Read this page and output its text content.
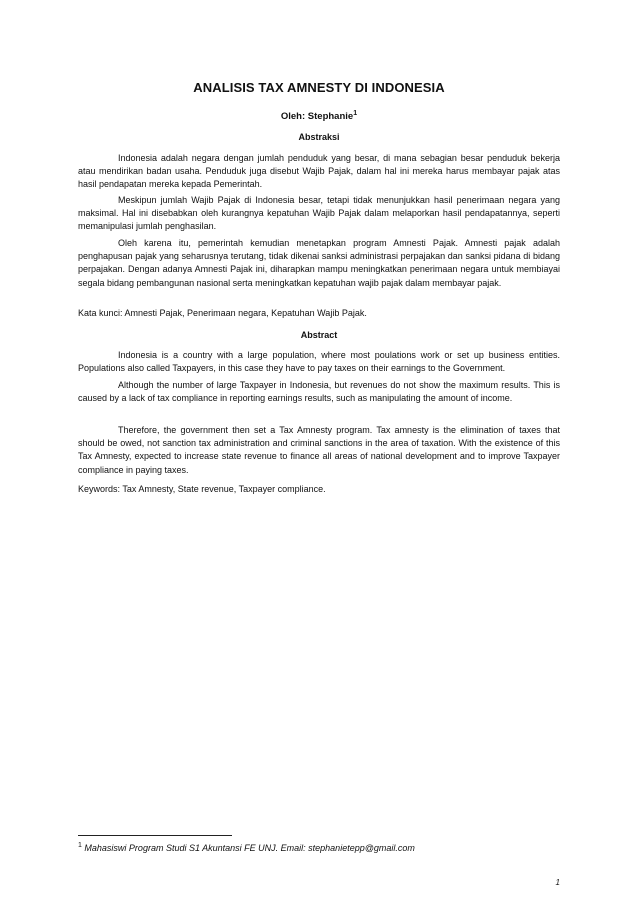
ANALISIS TAX AMNESTY DI INDONESIA
Oleh: Stephanie$^1$
Abstraksi

Indonesia adalah negara dengan jumlah penduduk yang besar, di mana sebagian besar penduduk bekerja atau mendirikan badan usaha. Penduduk juga disebut Wajib Pajak, dalam hal ini mereka harus membayar pajak atas hasil pendapatan mereka kepada Pemerintah.

Meskipun jumlah Wajib Pajak di Indonesia besar, tetapi tidak menunjukkan hasil penerimaan negara yang maksimal. Hal ini disebabkan oleh kurangnya kepatuhan Wajib Pajak dalam melaporkan hasil pendapatannya, seperti memanipulasi jumlah penghasilan.

Oleh karena itu, pemerintah kemudian menetapkan program Amnesti Pajak. Amnesti pajak adalah penghapusan pajak yang seharusnya terutang, tidak dikenai sanksi administrasi perpajakan dan sanksi pidana di bidang perpajakan. Dengan adanya Amnesti Pajak ini, diharapkan mampu meningkatkan penerimaan negara untuk membiayai segala bidang pembangunan nasional serta meningkatkan kepatuhan wajib pajak dalam membayar pajak.

Kata kunci: Amnesti Pajak, Penerimaan negara, Kepatuhan Wajib Pajak.

Abstract

Indonesia is a country with a large population, where most poulations work or set up business entities. Populations also called Taxpayers, in this case they have to pay taxes on their earnings to the Government.

Although the number of large Taxpayer in Indonesia, but revenues do not show the maximum results. This is caused by a lack of tax compliance in reporting earnings results, such as manipulating the amount of income.

Therefore, the government then set a Tax Amnesty program. Tax amnesty is the elimination of taxes that should be owed, not sanction tax administration and criminal sanctions in the area of taxation. With the existence of this Tax Amnesty, expected to increase state revenue to finance all areas of national development and to improve Taxpayer compliance in paying taxes.

Keywords: Tax Amnesty, State revenue, Taxpayer compliance.

$^1$ Mahasiswi Program Studi S1 Akuntansi FE UNJ. Email: stephanietepp@gmail.com
1
